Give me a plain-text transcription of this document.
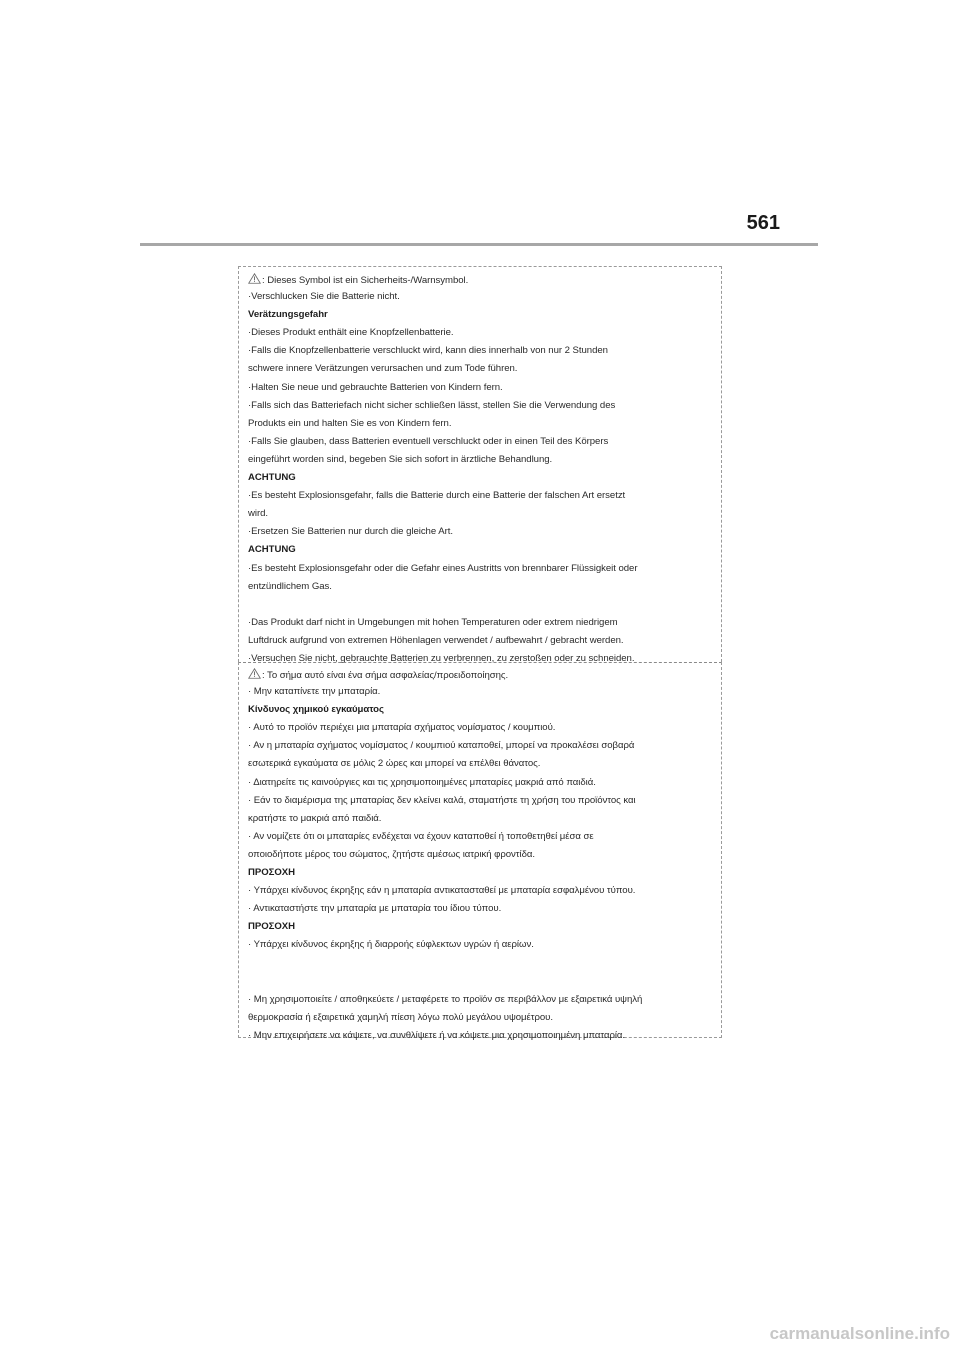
561
: Dieses Symbol ist ein Sicherheits-/Warnsymbol.
·Verschlucken Sie die Batterie nicht.
Verätzungsgefahr
·Dieses Produkt enthält eine Knopfzellenbatterie.
·Falls die Knopfzellenbatterie verschluckt wird, kann dies innerhalb von nur 2 Stunden
schwere innere Verätzungen verursachen und zum Tode führen.
·Halten Sie neue und gebrauchte Batterien von Kindern fern.
·Falls sich das Batteriefach nicht sicher schließen lässt, stellen Sie die Verwendung des
Produkts ein und halten Sie es von Kindern fern.
·Falls Sie glauben, dass Batterien eventuell verschluckt oder in einen Teil des Körpers
eingeführt worden sind, begeben Sie sich sofort in ärztliche Behandlung.
ACHTUNG
·Es besteht Explosionsgefahr, falls die Batterie durch eine Batterie der falschen Art ersetzt
wird.
·Ersetzen Sie Batterien nur durch die gleiche Art.
ACHTUNG
·Es besteht Explosionsgefahr oder die Gefahr eines Austritts von brennbarer Flüssigkeit oder
entzündlichem Gas.
·Das Produkt darf nicht in Umgebungen mit hohen Temperaturen oder extrem niedrigem
Luftdruck aufgrund von extremen Höhenlagen verwendet / aufbewahrt / gebracht werden.
·Versuchen Sie nicht, gebrauchte Batterien zu verbrennen, zu zerstoßen oder zu schneiden.
: Το σήμα αυτό είναι ένα σήμα ασφαλείας/προειδοποίησης.
· Μην καταπίνετε την μπαταρία.
Κίνδυνος χημικού εγκαύματος
· Αυτό το προϊόν περιέχει μια μπαταρία σχήματος νομίσματος / κουμπιού.
· Αν η μπαταρία σχήματος νομίσματος / κουμπιού καταποθεί, μπορεί να προκαλέσει σοβαρά
εσωτερικά εγκαύματα σε μόλις 2 ώρες και μπορεί να επέλθει θάνατος.
· Διατηρείτε τις καινούργιες και τις χρησιμοποιημένες μπαταρίες μακριά από παιδιά.
· Εάν το διαμέρισμα της μπαταρίας δεν κλείνει καλά, σταματήστε τη χρήση του προϊόντος και
κρατήστε το μακριά από παιδιά.
· Αν νομίζετε ότι οι μπαταρίες ενδέχεται να έχουν καταποθεί ή τοποθετηθεί μέσα σε
οποιοδήποτε μέρος του σώματος, ζητήστε αμέσως ιατρική φροντίδα.
ΠΡΟΣΟΧΗ
· Υπάρχει κίνδυνος έκρηξης εάν η μπαταρία αντικατασταθεί με μπαταρία εσφαλμένου τύπου.
· Αντικαταστήστε την μπαταρία με μπαταρία του ίδιου τύπου.
ΠΡΟΣΟΧΗ
· Υπάρχει κίνδυνος έκρηξης ή διαρροής εύφλεκτων υγρών ή αερίων.
· Μη χρησιμοποιείτε / αποθηκεύετε / μεταφέρετε το προϊόν σε περιβάλλον με εξαιρετικά υψηλή
θερμοκρασία ή εξαιρετικά χαμηλή πίεση λόγω πολύ μεγάλου υψομέτρου.
· Μην επιχειρήσετε να κάψετε, να συνθλίψετε ή να κόψετε μια χρησιμοποιημένη μπαταρία.
carmanualsonline.info
